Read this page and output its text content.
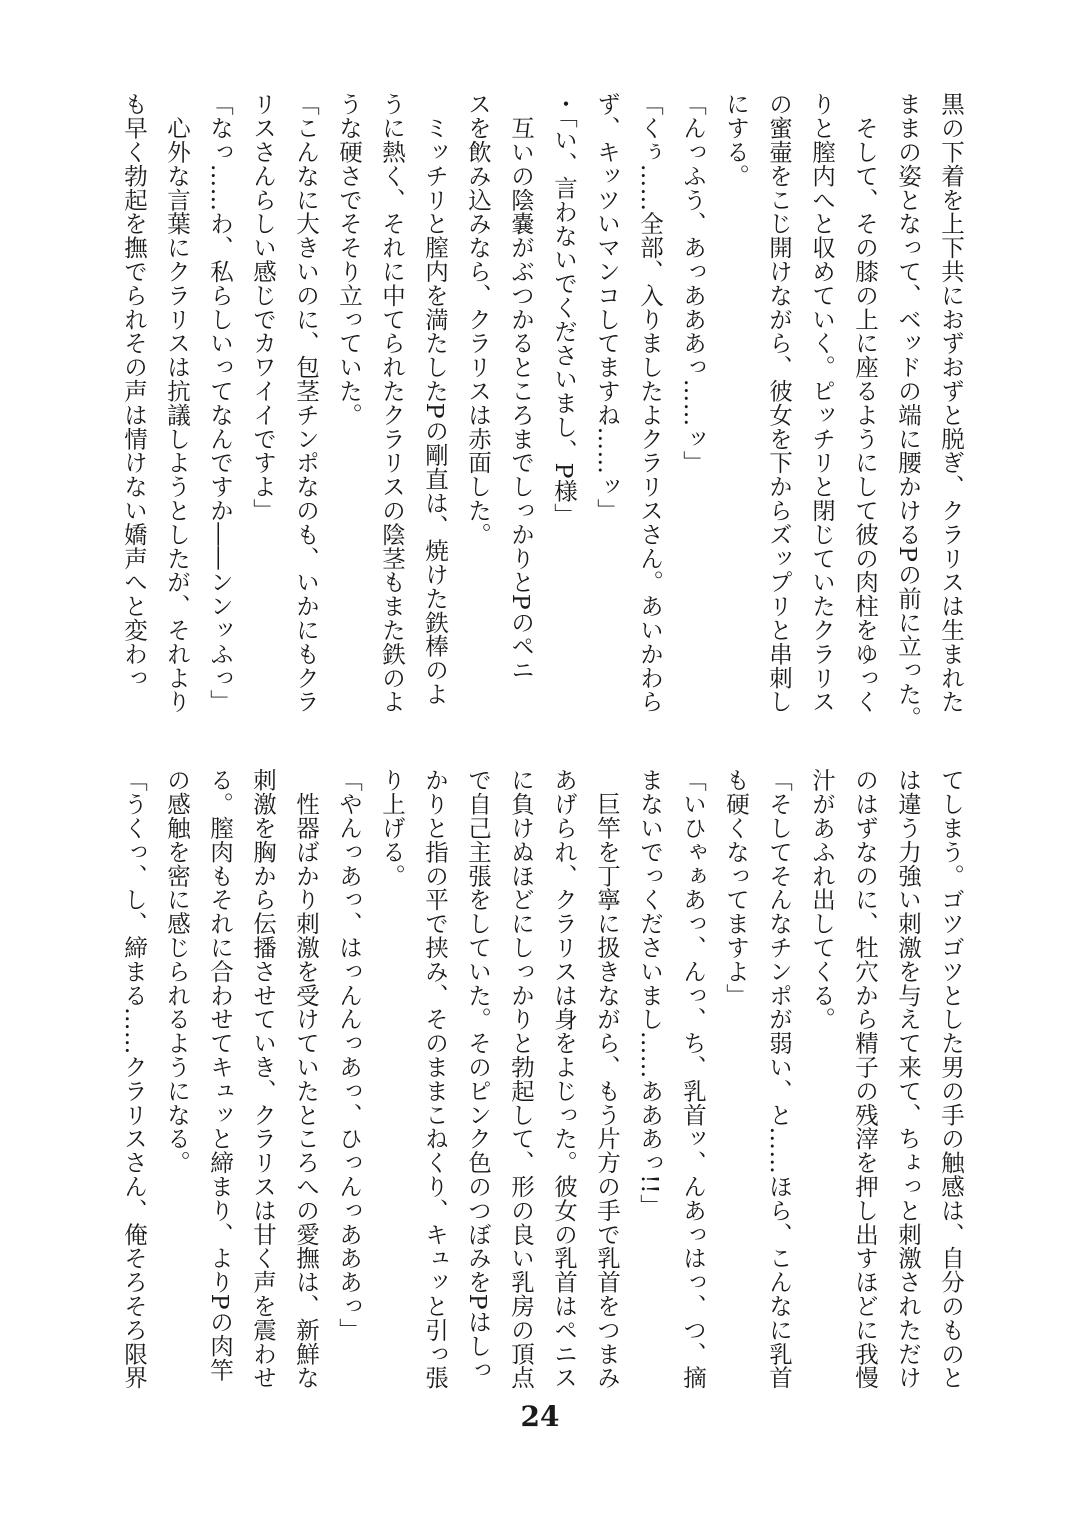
黒の下着を上下共におずおずと脱ぎ、クラリスは生まれた
ままの姿となって、ベッドの端に腰かけるPの前に立った。
　そして、その膝の上に座るようにして彼の肉柱をゆっく
りと膣内へと収めていく。ピッチリと閉じていたクラリス
の蜜壷をこじ開けながら、彼女を下からズップリと串刺し
にする。
「んっふう、あっあああっ……ッ」
「くぅ……全部、入りましたよクラリスさん。あいかわら
ず、キッツいマンコしてますね……ッ」
・「い、言わないでくださいまし、P様」
　互いの陰嚢がぶつかるところまでしっかりとPのペニ
スを飲み込みなら、クラリスは赤面した。
　ミッチリと膣内を満たしたPの剛直は、焼けた鉄棒のよ
うに熱く、それに中てられたクラリスの陰茎もまた鉄のよ
うな硬さでそそり立っていた。
「こんなに大きいのに、包茎チンポなのも、いかにもクラ
リスさんらしい感じでカワイイですよ」
「なっ……わ、私らしいってなんですか――ンンッふっ」
　心外な言葉にクラリスは抗議しようとしたが、それより
も早く勃起を撫でられその声は情けない嬌声へと変わっ
てしまう。ゴツゴツとした男の手の触感は、自分のものと
は違う力強い刺激を与えて来て、ちょっと刺激されただけ
のはずなのに、牡穴から精子の残滓を押し出すほどに我慢
汁があふれ出してくる。
「そしてそんなチンポが弱い、と……ほら、こんなに乳首
も硬くなってますよ」
「いひゃぁあっ、んっ、ち、乳首ッ、んあっはっ、つ、摘
まないでっくださいまし……あああっ!!」
　巨竿を丁寧に扱きながら、もう片方の手で乳首をつまみ
あげられ、クラリスは身をよじった。彼女の乳首はペニス
に負けぬほどにしっかりと勃起して、形の良い乳房の頂点
で自己主張をしていた。そのピンク色のつぼみをPはしっ
かりと指の平で挟み、そのままこねくり、キュッと引っ張
り上げる。
「やんっあっ、はっんんっあっ、ひっんっあああっ」
　性器ばかり刺激を受けていたところへの愛撫は、新鮮な
刺激を胸から伝播させていき、クラリスは甘く声を震わせ
る。膣肉もそれに合わせてキュッと締まり、よりPの肉竿
の感触を密に感じられるようになる。
「うくっ、し、締まる……クラリスさん、俺そろそろ限界
24
